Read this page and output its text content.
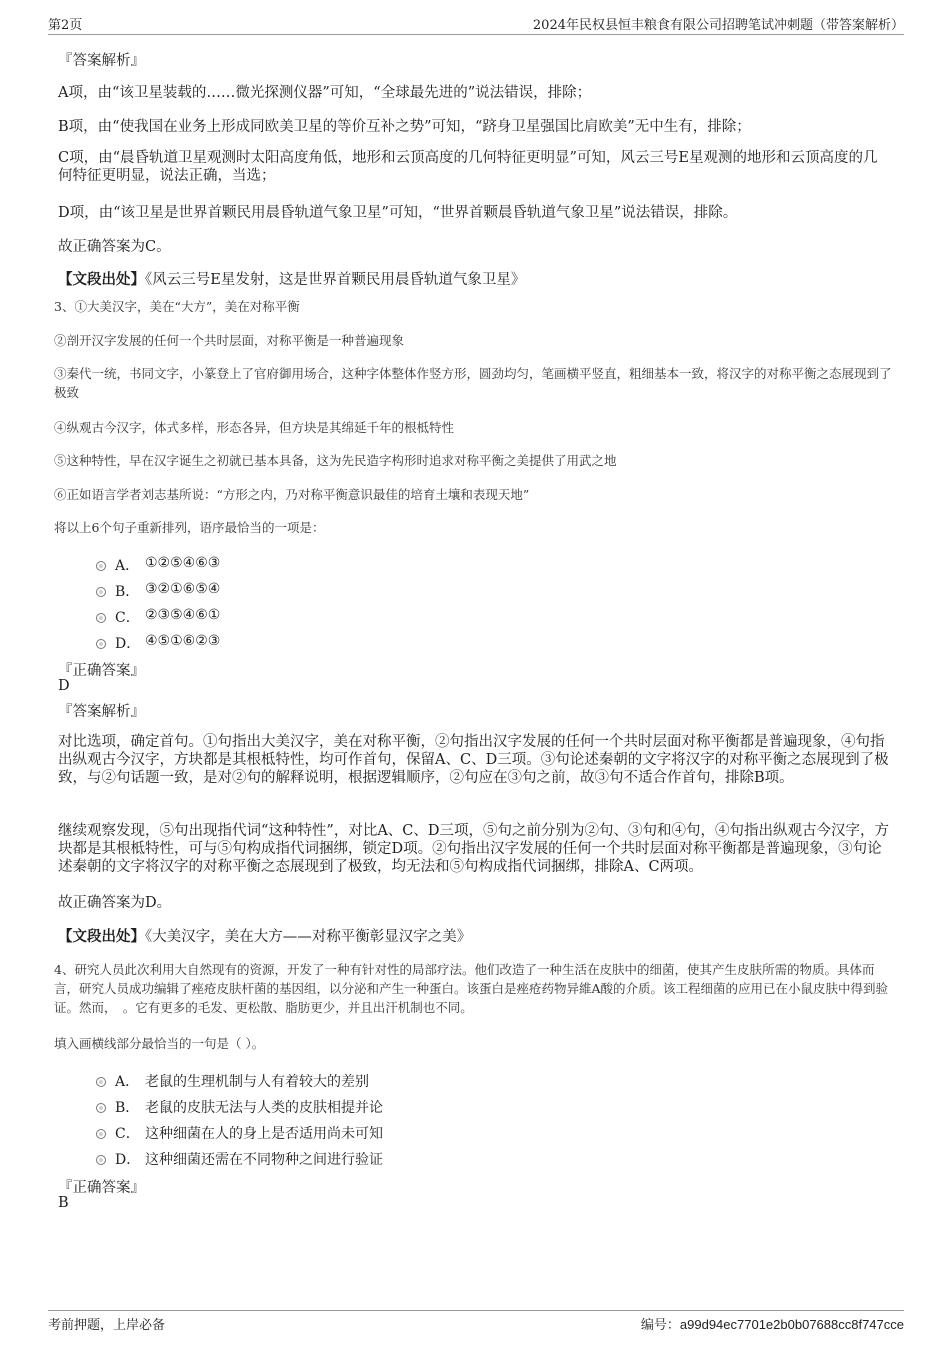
第2页	2024年民权县恒丰粮食有限公司招聘笔试冲刺题（带答案解析）
『答案解析』
A项，由“该卫星装载的……微光探测仪器”可知，“全球最先进的”说法错误，排除；
B项，由“使我国在业务上形成同欧美卫星的等价互补之势”可知，“跻身卫星强国比肩欧美”无中生有，排除；
C项，由“晨昏轨道卫星观测时太阳高度角低，地形和云顶高度的几何特征更明显”可知，风云三号E星观测的地形和云顶高度的几何特征更明显，说法正确，当选；
D项，由“该卫星是世界首颗民用晨昏轨道气象卫星”可知，“世界首颗晨昏轨道气象卫星”说法错误，排除。
故正确答案为C。
【文段出处】《风云三号E星发射，这是世界首颗民用晨昏轨道气象卫星》
3、①大美汉字，美在“大方”，美在对称平衡
②剖开汉字发展的任何一个共时层面，对称平衡是一种普遍现象
③秦代一统，书同文字，小篆登上了官府御用场合，这种字体整体作竖方形，圆劲均匀，笔画横平竖直，粗细基本一致，将汉字的对称平衡之态展现到了极致
④纵观古今汉字，体式多样，形态各异，但方块是其绵延千年的根柢特性
⑤这种特性，早在汉字诞生之初就已基本具备，这为先民造字构形时追求对称平衡之美提供了用武之地
⑥正如语言学者刘志基所说：“方形之内，乃对称平衡意识最佳的培育土壤和表现天地”
将以上6个句子重新排列，语序最恰当的一项是：
A． ①②⑤④⑥③
B． ③②①⑥⑤④
C． ②③⑤④⑥①
D． ④⑤①⑥②③
『正确答案』
D
『答案解析』
对比选项，确定首句。①句指出大美汉字，美在对称平衡，②句指出汉字发展的任何一个共时层面对称平衡都是普遍现象，④句指出纵观古今汉字，方块都是其根柢特性，均可作首句，保留A、C、D三项。③句论述秦朝的文字将汉字的对称平衡之态展现到了极致，与②句话题一致，是对②句的解释说明，根据逻辑顺序，②句应在③句之前，故③句不适合作首句，排除B项。
继续观察发现，⑤句出现指代词“这种特性”，对比A、C、D三项，⑤句之前分别为②句、③句和④句，④句指出纵观古今汉字，方块都是其根柢特性，可与⑤句构成指代词捆绑，锁定D项。②句指出汉字发展的任何一个共时层面对称平衡都是普遍现象，③句论述秦朝的文字将汉字的对称平衡之态展现到了极致，均无法和⑤句构成指代词捆绑，排除A、C两项。
故正确答案为D。
【文段出处】《大美汉字，美在大方——对称平衡彰显汉字之美》
4、研究人员此次利用大自然现有的资源，开发了一种有针对性的局部疗法。他们改造了一种生活在皮肤中的细菌，使其产生皮肤所需的物质。具体而言，研究人员成功编辑了痤疮皮肤杆菌的基因组，以分泌和产生一种蛋白。该蛋白是痤疮药物异維A酸的介质。该工程细菌的应用已在小鼠皮肤中得到验证。然而，　。它有更多的毛发、更松散、脂肪更少，并且出汗机制也不同。
填入画横线部分最恰当的一句是（ ）。
A． 老鼠的生理机制与人有着较大的差别
B． 老鼠的皮肤无法与人类的皮肤相提并论
C． 这种细菌在人的身上是否适用尚未可知
D． 这种细菌还需在不同物种之间进行验证
『正确答案』
B
考前押题，上岸必备	编号：a99d94ec7701e2b0b07688cc8f747cce
